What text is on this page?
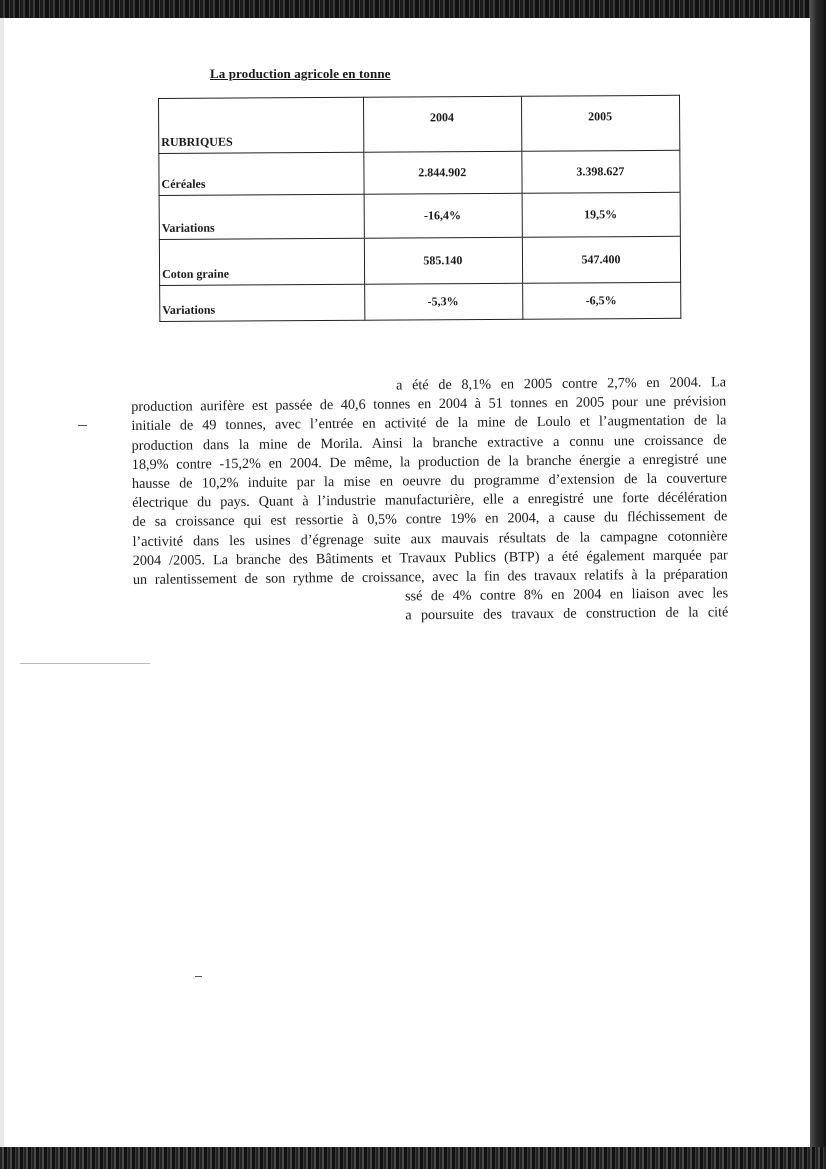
La production agricole en tonne
RUBRIQUES	2004	2005
Céréales	2.844.902	3.398.627
Variations	-16,4%	19,5%
Coton graine	585.140	547.400
Variations	-5,3%	-6,5%
a été de 8,1% en 2005 contre 2,7% en 2004. La
production aurifère est passée de 40,6 tonnes en 2004 à 51 tonnes en 2005 pour une prévision
initiale de 49 tonnes, avec l’entrée en activité de la mine de Loulo et l’augmentation de la
production dans la mine de Morila. Ainsi la branche extractive a connu une croissance de
18,9% contre -15,2% en 2004. De même, la production de la branche énergie a enregistré une
hausse de 10,2% induite par la mise en oeuvre du programme d’extension de la couverture
électrique du pays. Quant à l’industrie manufacturière, elle a enregistré une forte décélération
de sa croissance qui est ressortie à 0,5% contre 19% en 2004, a cause du fléchissement de
l’activité dans les usines d’égrenage suite aux mauvais résultats de la campagne cotonnière
2004 /2005. La branche des Bâtiments et Travaux Publics (BTP) a été également marquée par
un ralentissement de son rythme de croissance, avec la fin des travaux relatifs à la préparation
ssé de 4% contre 8% en 2004 en liaison avec les
a poursuite des travaux de construction de la cité
